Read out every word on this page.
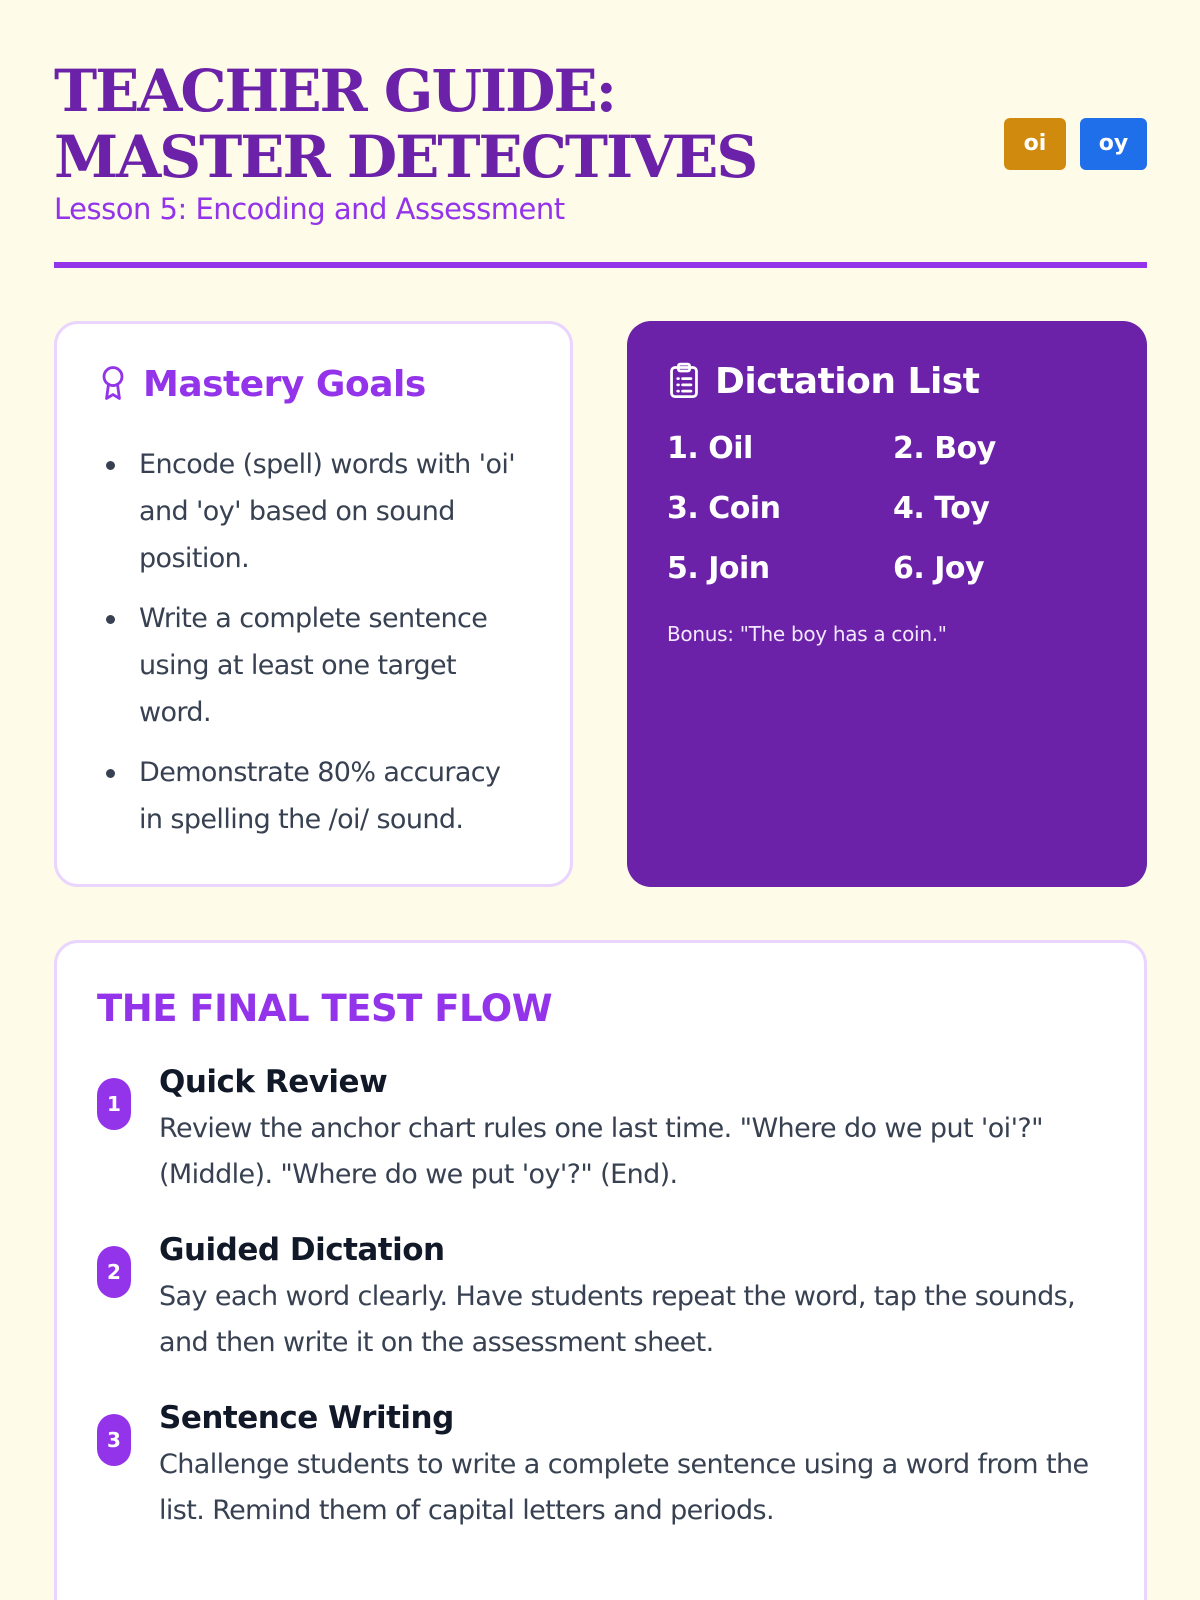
TEACHER GUIDE: MASTER DETECTIVES
Lesson 5: Encoding and Assessment
oi	oy
Mastery Goals
Encode (spell) words with 'oi' and 'oy' based on sound position.
Write a complete sentence using at least one target word.
Demonstrate 80% accuracy in spelling the /oi/ sound.
Dictation List
1. Oil	2. Boy
3. Coin	4. Toy
5. Join	6. Joy

Bonus: "The boy has a coin."

THE FINAL TEST FLOW
1
Quick Review

Review the anchor chart rules one last time. "Where do we put 'oi'?" (Middle). "Where do we put 'oy'?" (End).

2
Guided Dictation

Say each word clearly. Have students repeat the word, tap the sounds, and then write it on the assessment sheet.

3
Sentence Writing

Challenge students to write a complete sentence using a word from the list. Remind them of capital letters and periods.
